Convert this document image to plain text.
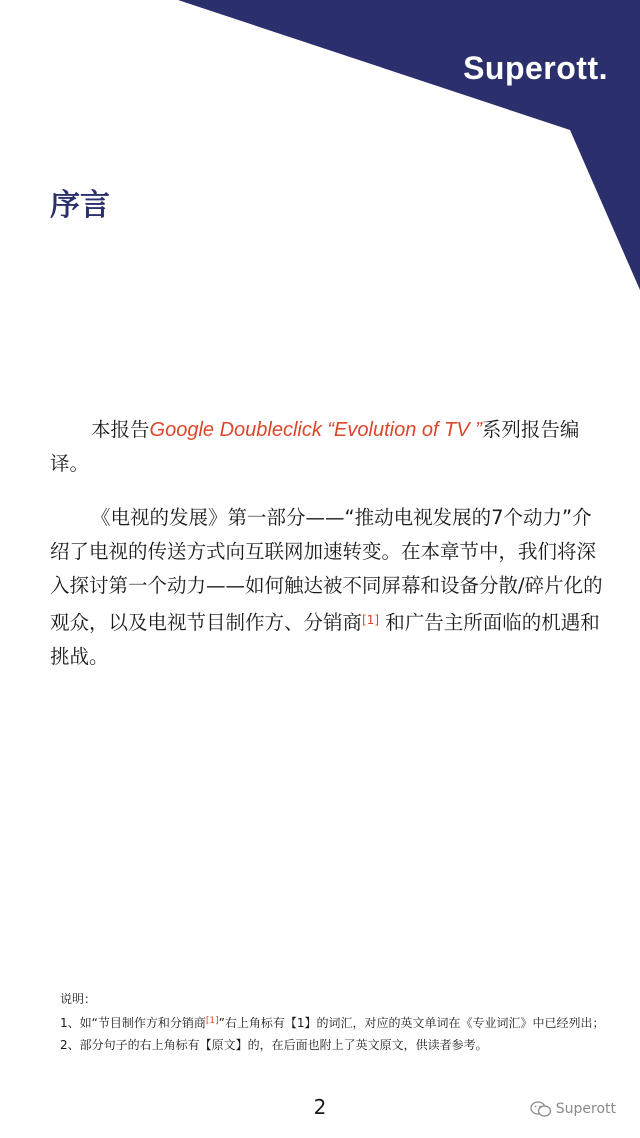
Superott.
序言

本报告Google Doubleclick “Evolution of TV ”系列报告编译。

《电视的发展》第一部分——“推动电视发展的7个动力”介绍了电视的传送方式向互联网加速转变。在本章节中，我们将深入探讨第一个动力——如何触达被不同屏幕和设备分散/碎片化的观众，以及电视节目制作方、分销商[1] 和广告主所面临的机遇和挑战。

说明：
1、如“节目制作方和分销商[1]”右上角标有【1】的词汇，对应的英文单词在《专业词汇》中已经列出；
2、部分句子的右上角标有【原文】的，在后面也附上了英文原文，供读者参考。
2	Superott
